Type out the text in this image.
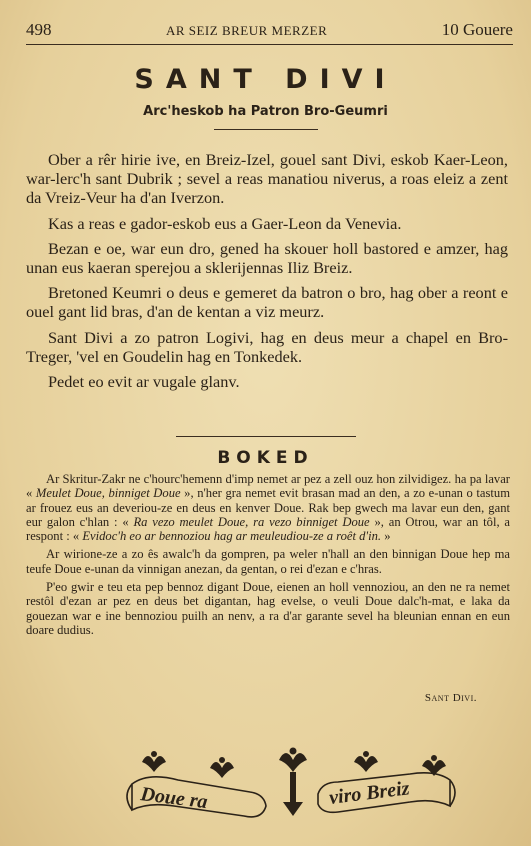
498	AR SEIZ BREUR MERZER	10 Gouere
SANT DIVI
Arc'heskob ha Patron Bro-Geumri

Ober a rêr hirie ive, en Breiz-Izel, gouel sant Divi, eskob Kaer-Leon, war-lerc'h sant Dubrik ; sevel a reas manatiou niverus, a roas eleiz a zent da Vreiz-Veur ha d'an Iverzon.

Kas a reas e gador-eskob eus a Gaer-Leon da Venevia.

Bezan e oe, war eun dro, gened ha skouer holl bastored e amzer, hag unan eus kaeran sperejou a sklerijennas Iliz Breiz.

Bretoned Keumri o deus e gemeret da batron o bro, hag ober a reont e ouel gant lid bras, d'an de kentan a viz meurz.

Sant Divi a zo patron Logivi, hag en deus meur a chapel en Bro-Treger, 'vel en Goudelin hag en Tonkedek.

Pedet eo evit ar vugale glanv.

BOKED

Ar Skritur-Zakr ne c'hourc'hemenn d'imp nemet ar pez a zell ouz hon zilvidigez. ha pa lavar « Meulet Doue, binniget Doue », n'her gra nemet evit brasan mad an den, a zo e-unan o tastum ar frouez eus an deveriou-ze en deus en kenver Doue. Rak bep gwech ma lavar eun den, gant eur galon c'hlan : « Ra vezo meulet Doue, ra vezo binniget Doue », an Otrou, war an tôl, a respont : « Evidoc'h eo ar bennoziou hag ar meuleudiou-ze a roêt d'in. »

Ar wirione-ze a zo ês awalc'h da gompren, pa weler n'hall an den binnigan Doue hep ma teufe Doue e-unan da vinnigan anezan, da gentan, o rei d'ezan e c'hras.

P'eo gwir e teu eta pep bennoz digant Doue, eienen an holl vennoziou, an den ne ra nemet restôl d'ezan ar pez en deus bet digantan, hag evelse, o veuli Doue dalc'h-mat, e laka da gouezan war e ine bennoziou puilh an nenv, a ra d'ar garante sevel ha bleunian ennan en eun doare dudius.

Sant Divi.
Doue ra	viro Breiz
